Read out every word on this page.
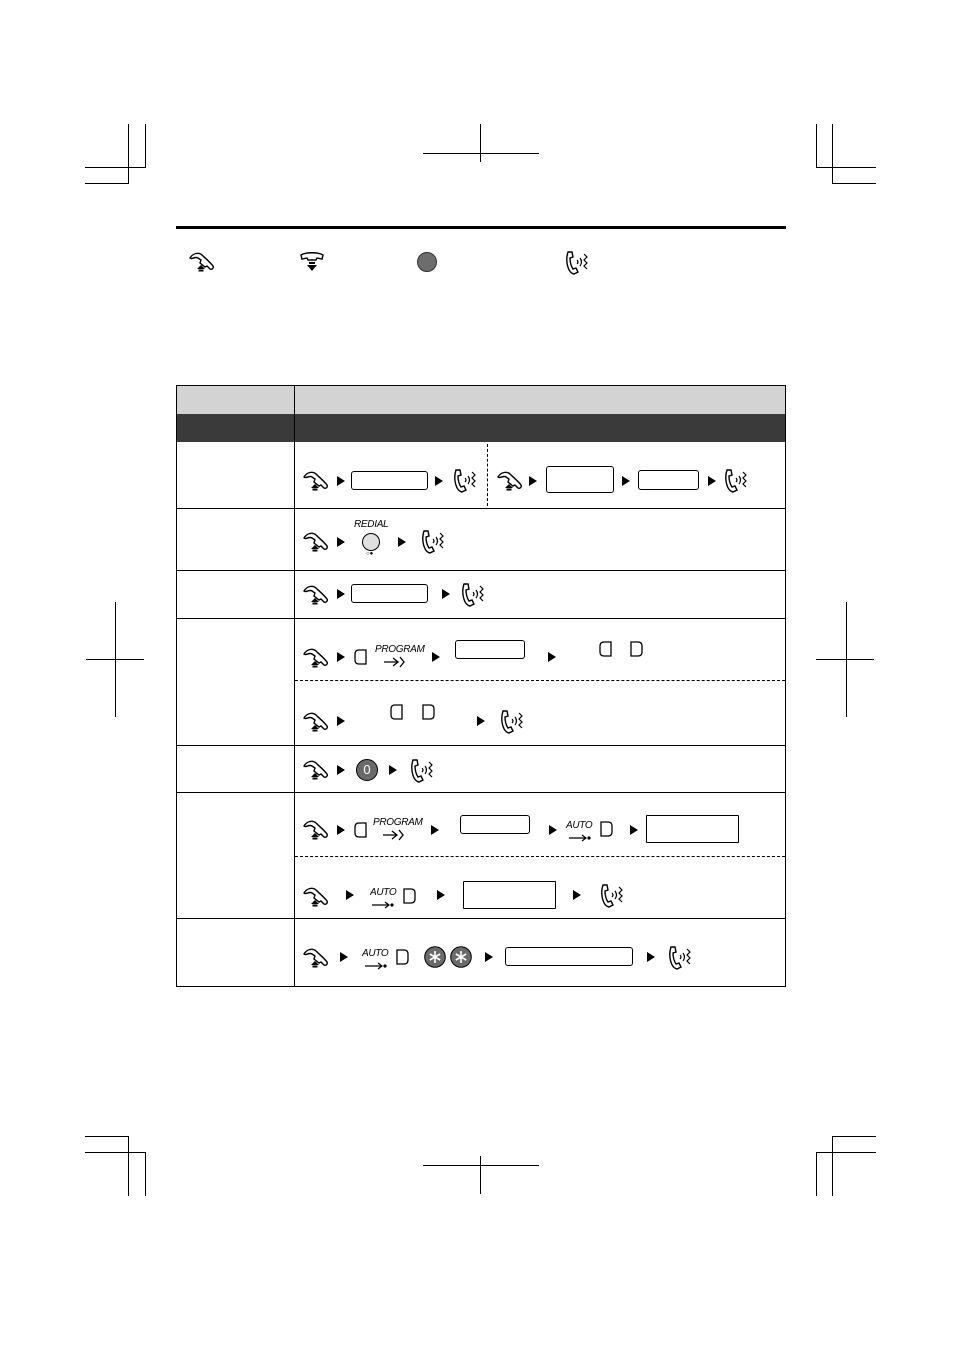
REDIAL
○●
PROGRAM
0
PROGRAM	AUTO
AUTO
AUTO
